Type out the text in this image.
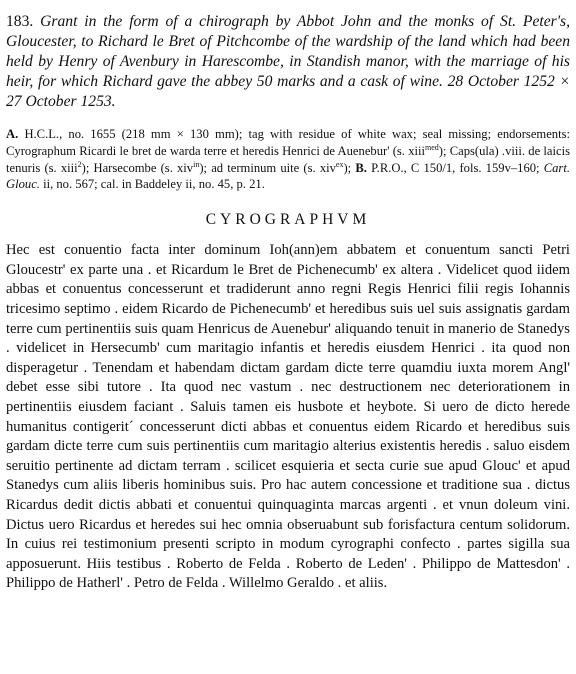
183. Grant in the form of a chirograph by Abbot John and the monks of St. Peter's, Gloucester, to Richard le Bret of Pitchcombe of the wardship of the land which had been held by Henry of Avenbury in Harescombe, in Standish manor, with the marriage of his heir, for which Richard gave the abbey 50 marks and a cask of wine. 28 October 1252 × 27 October 1253.

A. H.C.L., no. 1655 (218 mm × 130 mm); tag with residue of white wax; seal missing; endorsements: Cyrographum Ricardi le bret de warda terre et heredis Henrici de Auenebur' (s. xiii$^{med}$); Caps(ula) .viii. de laicis tenuris (s. xiii$^2$); Harsecombe (s. xiv$^{in}$); ad terminum uite (s. xiv$^{ex}$); B. P.R.O., C 150/1, fols. 159v–160; Cart. Glouc. ii, no. 567; cal. in Baddeley ii, no. 45, p. 21.

CYROGRAPHVM

Hec est conuentio facta inter dominum Ioh(ann)em abbatem et conuentum sancti Petri Gloucestr' ex parte una . et Ricardum le Bret de Pichenecumb' ex altera . Videlicet quod iidem abbas et conuentus concesserunt et tradiderunt anno regni Regis Henrici filii regis Iohannis tricesimo septimo . eidem Ricardo de Pichenecumb' et heredibus suis uel suis assignatis gardam terre cum pertinentiis suis quam Henricus de Auenebur' aliquando tenuit in manerio de Stanedys . videlicet in Hersecumb' cum maritagio infantis et heredis eiusdem Henrici . ita quod non disperagetur . Tenendam et habendam dictam gardam dicte terre quamdiu iuxta morem Angl' debet esse sibi tutore . Ita quod nec vastum . nec destructionem nec deteriorationem in pertinentiis eiusdem faciant . Saluis tamen eis husbote et heybote. Si uero de dicto herede humanitus contigerit´ concesserunt dicti abbas et conuentus eidem Ricardo et heredibus suis gardam dicte terre cum suis pertinentiis cum maritagio alterius existentis heredis . saluo eisdem seruitio pertinente ad dictam terram . scilicet esquieria et secta curie sue apud Glouc' et apud Stanedys cum aliis liberis hominibus suis. Pro hac autem concessione et traditione sua . dictus Ricardus dedit dictis abbati et conuentui quinquaginta marcas argenti . et vnun doleum vini. Dictus uero Ricardus et heredes sui hec omnia obseruabunt sub forisfactura centum solidorum. In cuius rei testimonium presenti scripto in modum cyrographi confecto . partes sigilla sua apposuerunt. Hiis testibus . Roberto de Felda . Roberto de Leden' . Philippo de Mattesdon' . Philippo de Hatherl' . Petro de Felda . Willelmo Geraldo . et aliis.
